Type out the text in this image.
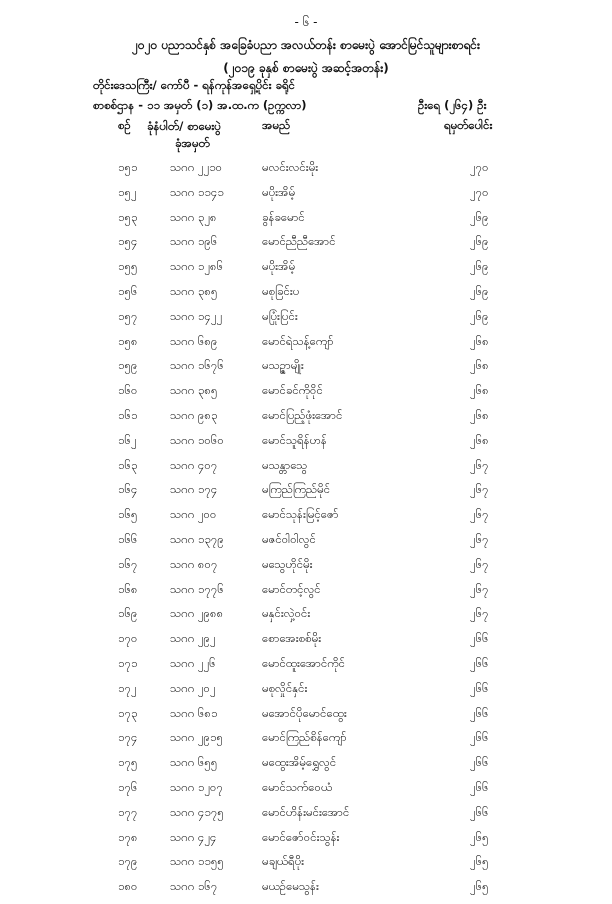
- ၆ -
၂၀၂၀ ပညာသင်နှစ် အခြေခံပညာ အလယ်တန်း စာမေးပွဲ အောင်မြင်သူများစာရင်း
(၂၀၁၉ ခုနှစ် စာမေးပွဲ အဆင့်အတန်း)
တိုင်းဒေသကြီး/ ကော်ပီ - ရန်ကုန်အရှေ့ပိုင်း ခရိုင်
စာစစ်ဌာန - ၁၁ အမှတ် (၁) အ.ထ.က (ဥက္ကလာ)	ဦးရေ (၂၆၄) ဦး
စဉ် ခုံနံပါတ်/ စာမေးပွဲ
ခုံအမှတ်
အမည်	ရမှတ်ပေါင်း
၁၅၁	သဂဂ ၂၂၁၀	မလင်းလင်းမိုး	၂၇၀
၁၅၂	သဂဂ ၁၁၄၁	မပိုးအိမ့်	၂၇၀
၁၅၃	သဂဂ ၃၂၈	ခွန်ခမောင်	၂၆၉
၁၅၄	သဂဂ ၁၉၆	မောင်ညီညီအောင်	၂၆၉
၁၅၅	သဂဂ ၁၂၈၆	မပိုးအိမ့်	၂၆၉
၁၅၆	သဂဂ ၃၈၅	မစုခြင်းပ	၂၆၉
၁၅၇	သဂဂ ၁၄၂၂	မပြုံးပြင်း	၂၆၉
၁၅၈	သဂဂ ၆၈၉	မောင်ရဲသန့်ကျော်	၂၆၈
၁၅၉	သဂဂ ၁၆၇၆	မသဥ္ဇာမျိုး	၂၆၈
၁၆၀	သဂဂ ၃၈၅	မောင်ခင်ကိုဝိုင်	၂၆၈
၁၆၁	သဂဂ ၉၈၃	မောင်ပြည့်ဖုံးအောင်	၂၆၈
၁၆၂	သဂဂ ၁၀၆၀	မောင်သူရိန်ဟန်	၂၆၈
၁၆၃	သဂဂ ၄၀၇	မသန္တာသွေ	၂၆၇
၁၆၄	သဂဂ ၁၇၄	မကြည်ကြည်မိုင်	၂၆၇
၁၆၅	သဂဂ ၂၀၀	မောင်သုန်းမြင့်ဇော်	၂၆၇
၁၆၆	သဂဂ ၁၃၇၉	မဇင်ဝါဝါလွင်	၂၆၇
၁၆၇	သဂဂ ၈၀၇	မသွေဟိုင်မိုး	၂၆၇
၁၆၈	သဂဂ ၁၇၇၆	မောင်တင့်လွင်	၂၆၇
၁၆၉	သဂဂ ၂၉၈၈	မနှင်းလှဲ့ဝင်း	၂၆၇
၁၇၀	သဂဂ ၂၉၂	စောအေးစစ်မိုး	၂၆၆
၁၇၁	သဂဂ ၂၂၆	မောင်ထူးအောင်ကိုင်	၂၆၆
၁၇၂	သဂဂ ၂၀၂	မစုလှိုင်နှင်း	၂၆၆
၁၇၃	သဂဂ ၆၈၁	မအောင်ပိုမောင်ထွေး	၂၆၆
၁၇၄	သဂဂ ၂၉၁၅	မောင်ကြည်စိန်ကျော်	၂၆၆
၁၇၅	သဂဂ ၆၅၅	မထွေးအိမ့်ရွှေလွင်	၂၆၆
၁၇၆	သဂဂ ၁၂၀၇	မောင်သက်ဝေယံ	၂၆၆
၁၇၇	သဂဂ ၄၁၇၅	မောင်ဟိန်းမင်းအောင်	၂၆၆
၁၇၈	သဂဂ ၄၂၄	မောင်ဇော်ဝင်းသွန်း	၂၆၅
၁၇၉	သဂဂ ၁၁၅၅	မချယ်ရီပိုး	၂၆၅
၁၈၀	သဂဂ ၁၆၇	မယဉ်မေသွန်း	၂၆၅
